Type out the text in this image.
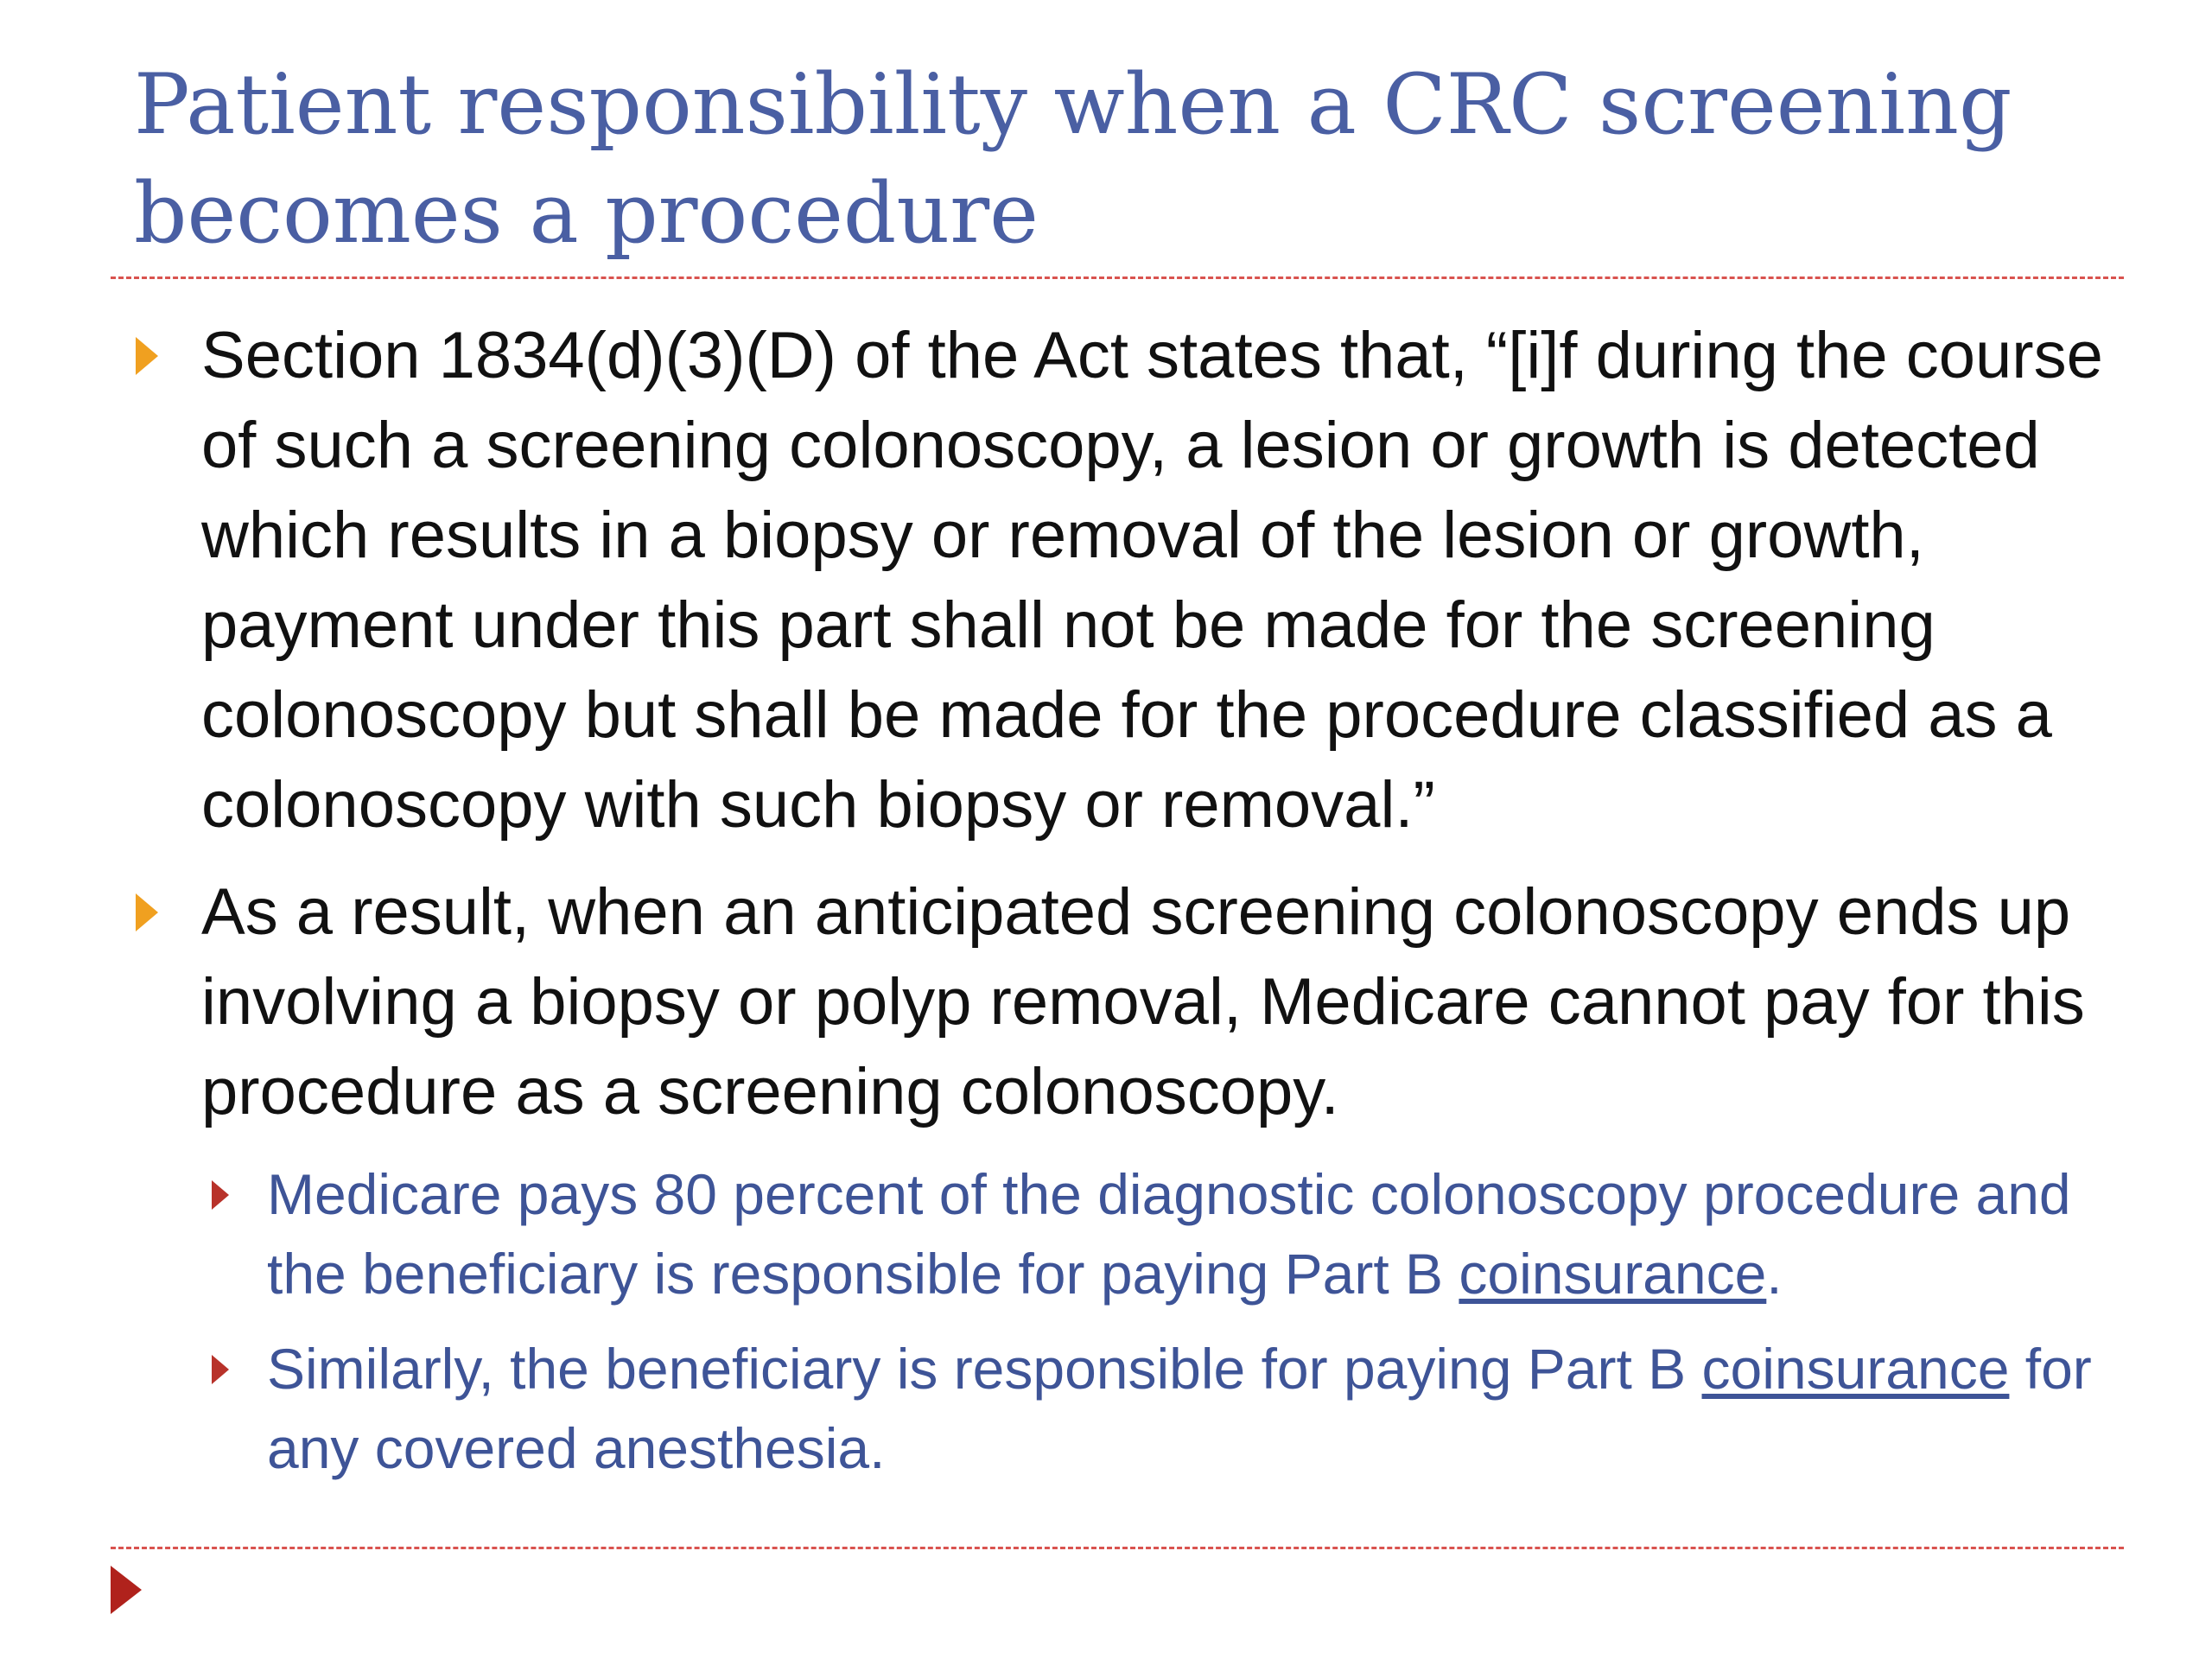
Patient responsibility when a CRC screening becomes a procedure
Section 1834(d)(3)(D) of the Act states that, “[i]f during the course of such a screening colonoscopy, a lesion or growth is detected which results in a biopsy or removal of the lesion or growth, payment under this part shall not be made for the screening colonoscopy but shall be made for the procedure classified as a colonoscopy with such biopsy or removal.”
As a result, when an anticipated screening colonoscopy ends up involving a biopsy or polyp removal, Medicare cannot pay for this procedure as a screening colonoscopy.
Medicare pays 80 percent of the diagnostic colonoscopy procedure and the beneficiary is responsible for paying Part B coinsurance.
Similarly, the beneficiary is responsible for paying Part B coinsurance for any covered anesthesia.
